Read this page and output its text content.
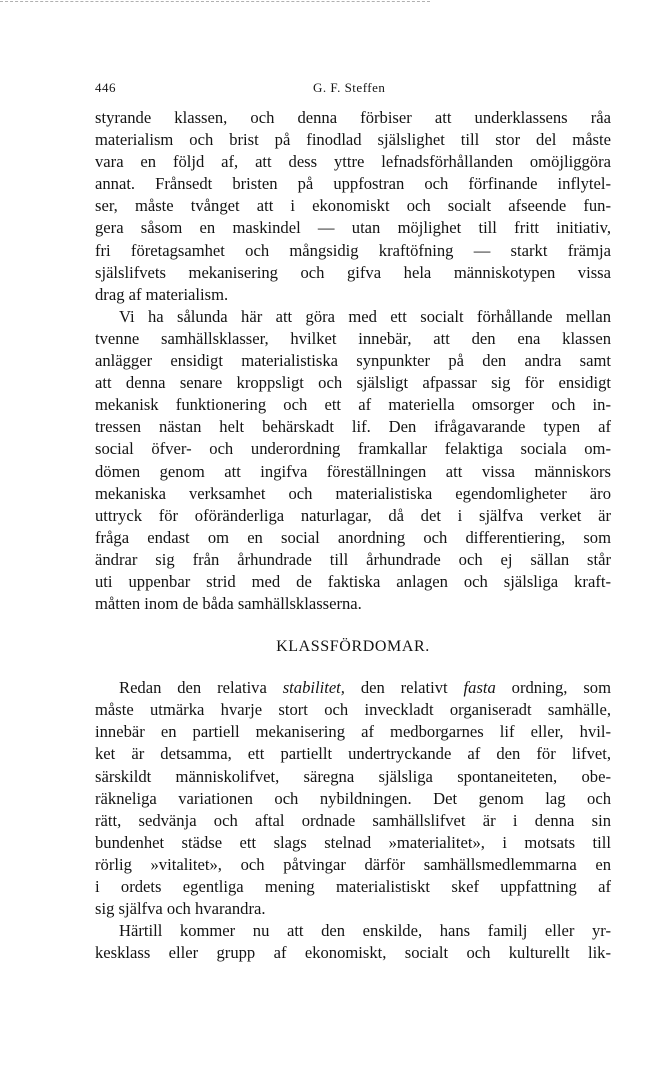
446	G. F. Steffen
styrande klassen, och denna förbiser att underklassens råa
materialism och brist på finodlad själslighet till stor del måste
vara en följd af, att dess yttre lefnadsförhållanden omöjliggöra
annat. Frånsedt bristen på uppfostran och förfinande inflytel-
ser, måste tvånget att i ekonomiskt och socialt afseende fun-
gera såsom en maskindel — utan möjlighet till fritt initiativ,
fri företagsamhet och mångsidig kraftöfning — starkt främja
själslifvets mekanisering och gifva hela människotypen vissa
drag af materialism.
Vi ha sålunda här att göra med ett socialt förhållande mellan
tvenne samhällsklasser, hvilket innebär, att den ena klassen
anlägger ensidigt materialistiska synpunkter på den andra samt
att denna senare kroppsligt och själsligt afpassar sig för ensidigt
mekanisk funktionering och ett af materiella omsorger och in-
tressen nästan helt behärskadt lif. Den ifrågavarande typen af
social öfver- och underordning framkallar felaktiga sociala om-
dömen genom att ingifva föreställningen att vissa människors
mekaniska verksamhet och materialistiska egendomligheter äro
uttryck för oföränderliga naturlagar, då det i själfva verket är
fråga endast om en social anordning och differentiering, som
ändrar sig från århundrade till århundrade och ej sällan står
uti uppenbar strid med de faktiska anlagen och själsliga kraft-
måtten inom de båda samhällsklasserna.
KLASSFÖRDOMAR.
Redan den relativa stabilitet, den relativt fasta ordning, som
måste utmärka hvarje stort och inveckladt organiseradt samhälle,
innebär en partiell mekanisering af medborgarnes lif eller, hvil-
ket är detsamma, ett partiellt undertryckande af den för lifvet,
särskildt människolifvet, säregna själsliga spontaneiteten, obe-
räkneliga variationen och nybildningen. Det genom lag och
rätt, sedvänja och aftal ordnade samhällslifvet är i denna sin
bundenhet städse ett slags stelnad »materialitet», i motsats till
rörlig »vitalitet», och påtvingar därför samhällsmedlemmarna en
i ordets egentliga mening materialistiskt skef uppfattning af
sig själfva och hvarandra.
Härtill kommer nu att den enskilde, hans familj eller yr-
kesklass eller grupp af ekonomiskt, socialt och kulturellt lik-
